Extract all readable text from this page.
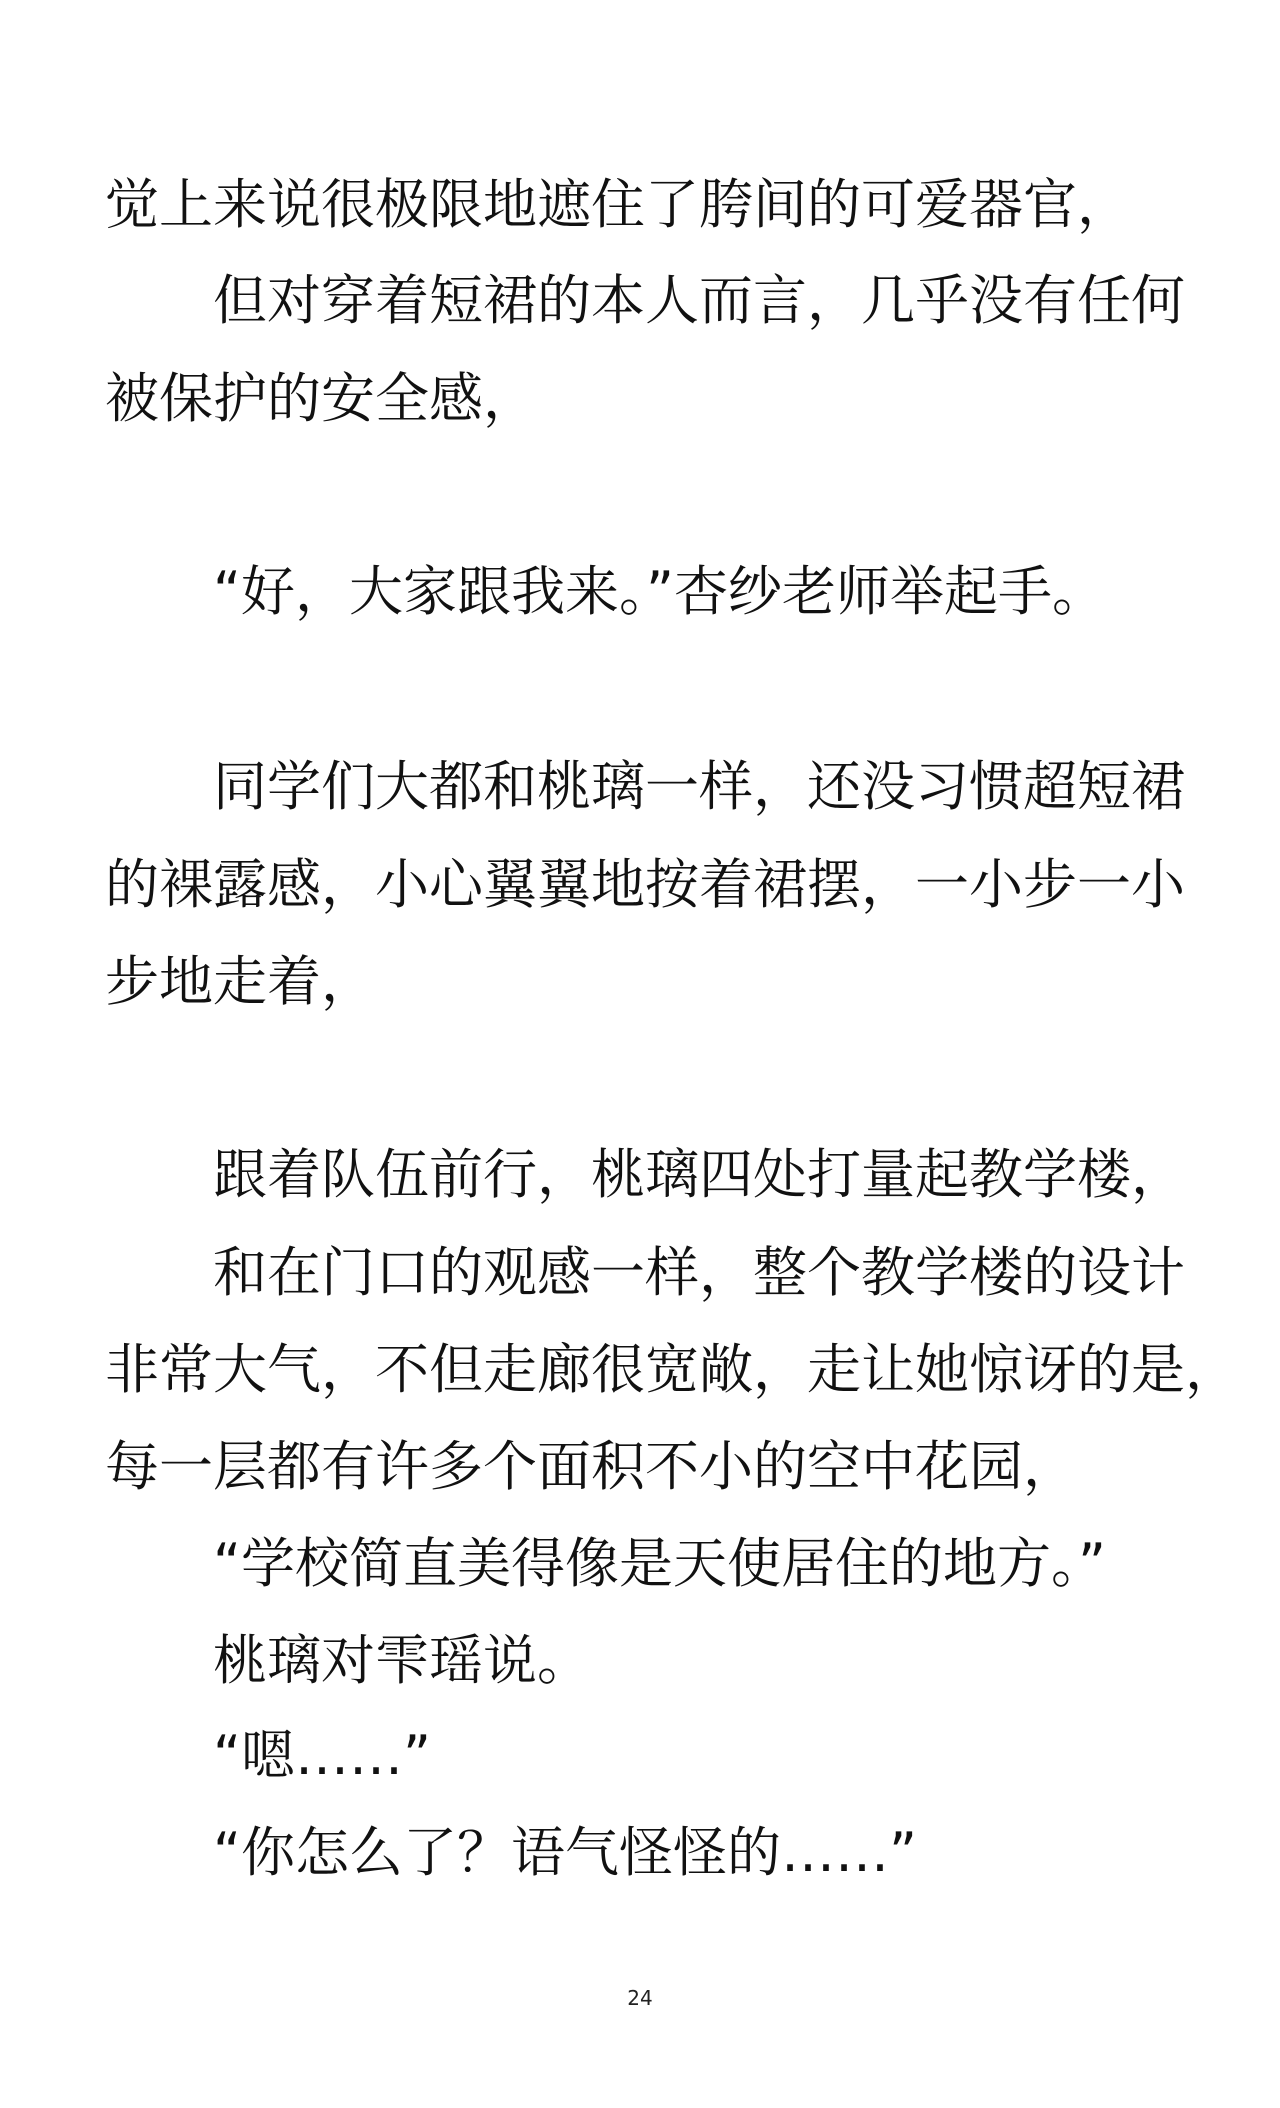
觉上来说很极限地遮住了胯间的可爱器官，
但对穿着短裙的本人而言，几乎没有任何
被保护的安全感，
“好，大家跟我来。”杏纱老师举起手。
同学们大都和桃璃一样，还没习惯超短裙
的裸露感，小心翼翼地按着裙摆，一小步一小
步地走着，
跟着队伍前行，桃璃四处打量起教学楼，
和在门口的观感一样，整个教学楼的设计
非常大气，不但走廊很宽敞，走让她惊讶的是，
每一层都有许多个面积不小的空中花园，
“学校简直美得像是天使居住的地方。”
桃璃对雫瑶说。
“嗯……”
“你怎么了？语气怪怪的……”
24
